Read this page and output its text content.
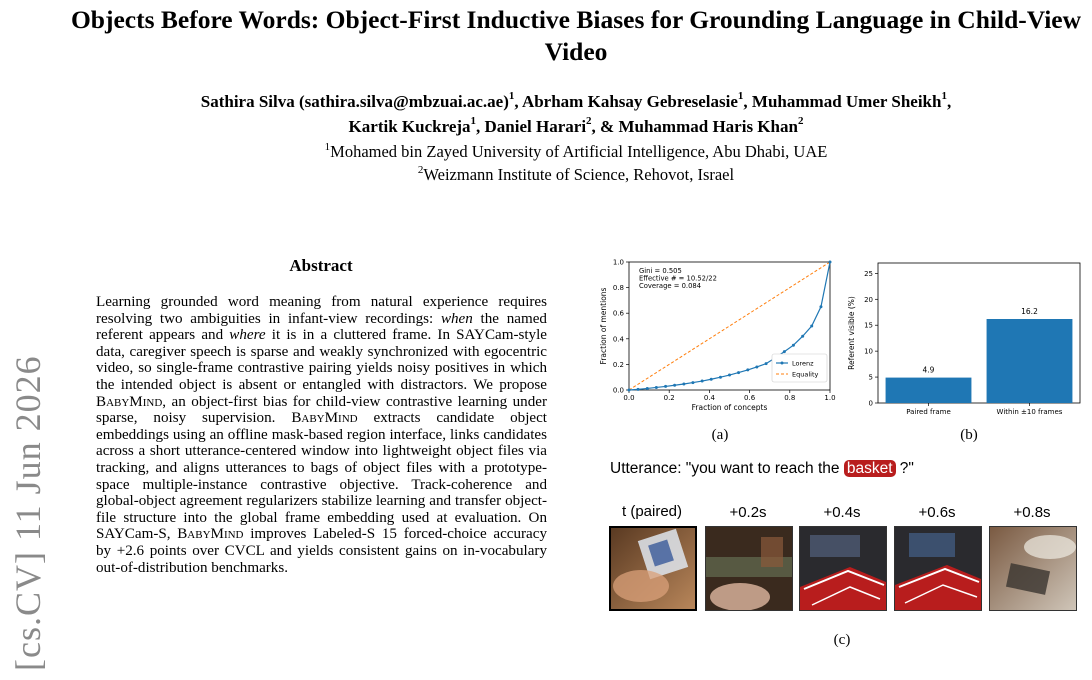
Objects Before Words: Object-First Inductive Biases for Grounding Language in Child-View Video
Sathira Silva (sathira.silva@mbzuai.ac.ae)$^1$, Abrham Kahsay Gebreselasie$^1$, Muhammad Umer Sheikh$^1$,
Kartik Kuckreja$^1$, Daniel Harari$^2$, & Muhammad Haris Khan$^2$
$^1$Mohamed bin Zayed University of Artificial Intelligence, Abu Dhabi, UAE
$^2$Weizmann Institute of Science, Rehovot, Israel
[cs.CV] 11 Jun 2026
Abstract
Learning grounded word meaning from natural experience requires resolving two ambiguities in infant-view recordings: when the named referent appears and where it is in a cluttered frame. In SAYCam-style data, caregiver speech is sparse and weakly synchronized with egocentric video, so single-frame contrastive pairing yields noisy positives in which the intended object is absent or entangled with distractors. We propose BabyMind, an object-first bias for child-view contrastive learning under sparse, noisy supervision. BabyMind extracts candidate object embeddings using an offline mask-based region interface, links candidates across a short utterance-centered window into lightweight object files via tracking, and aligns utterances to bags of object files with a prototype-space multiple-instance contrastive objective. Track-coherence and global-object agreement regularizers stabilize learning and transfer object-file structure into the global frame embedding used at evaluation. On SAYCam-S, BabyMind improves Labeled-S 15 forced-choice accuracy by +2.6 points over CVCL and yields consistent gains on in-vocabulary out-of-distribution benchmarks.
0.0	0.2	0.4	0.6	0.8	1.0
0.0
0.2
0.4
0.6
0.8
1.0
Fraction of concepts
Fraction of mentions
Gini = 0.505
Effective # = 10.52/22
Coverage = 0.084
Lorenz
Equality
0
5
10
15
20
25
Referent visible (%)
4.9
Paired frame
16.2
Within ±10 frames
(a)	(b)
Utterance: "you want to reach the basket ?"
t (paired)	+0.2s	+0.4s	+0.6s	+0.8s
(c)
